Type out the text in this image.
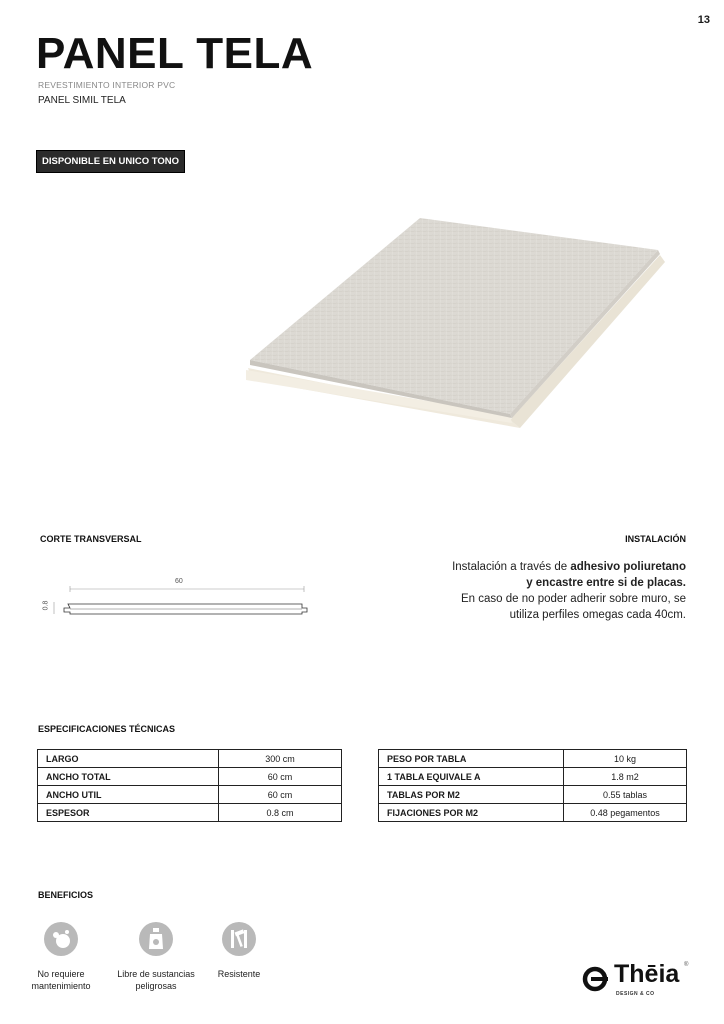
13
PANEL TELA
REVESTIMIENTO INTERIOR PVC
PANEL SIMIL TELA
DISPONIBLE EN UNICO TONO
CORTE TRANSVERSAL
60
0.8
INSTALACIÓN
Instalación a través de adhesivo poliuretano
y encastre entre si de placas.
En caso de no poder adherir sobre muro, se
utiliza perfiles omegas cada 40cm.
ESPECIFICACIONES TÉCNICAS
LARGO	300 cm
ANCHO TOTAL	60 cm
ANCHO UTIL	60 cm
ESPESOR	0.8 cm
PESO POR TABLA	10 kg
1 TABLA EQUIVALE A	1.8 m2
TABLAS POR M2	0.55 tablas
FIJACIONES POR M2	0.48 pegamentos
BENEFICIOS
No requiere
mantenimiento
Libre de sustancias
peligrosas
Resistente	Thēia ®
DESIGN & CO
